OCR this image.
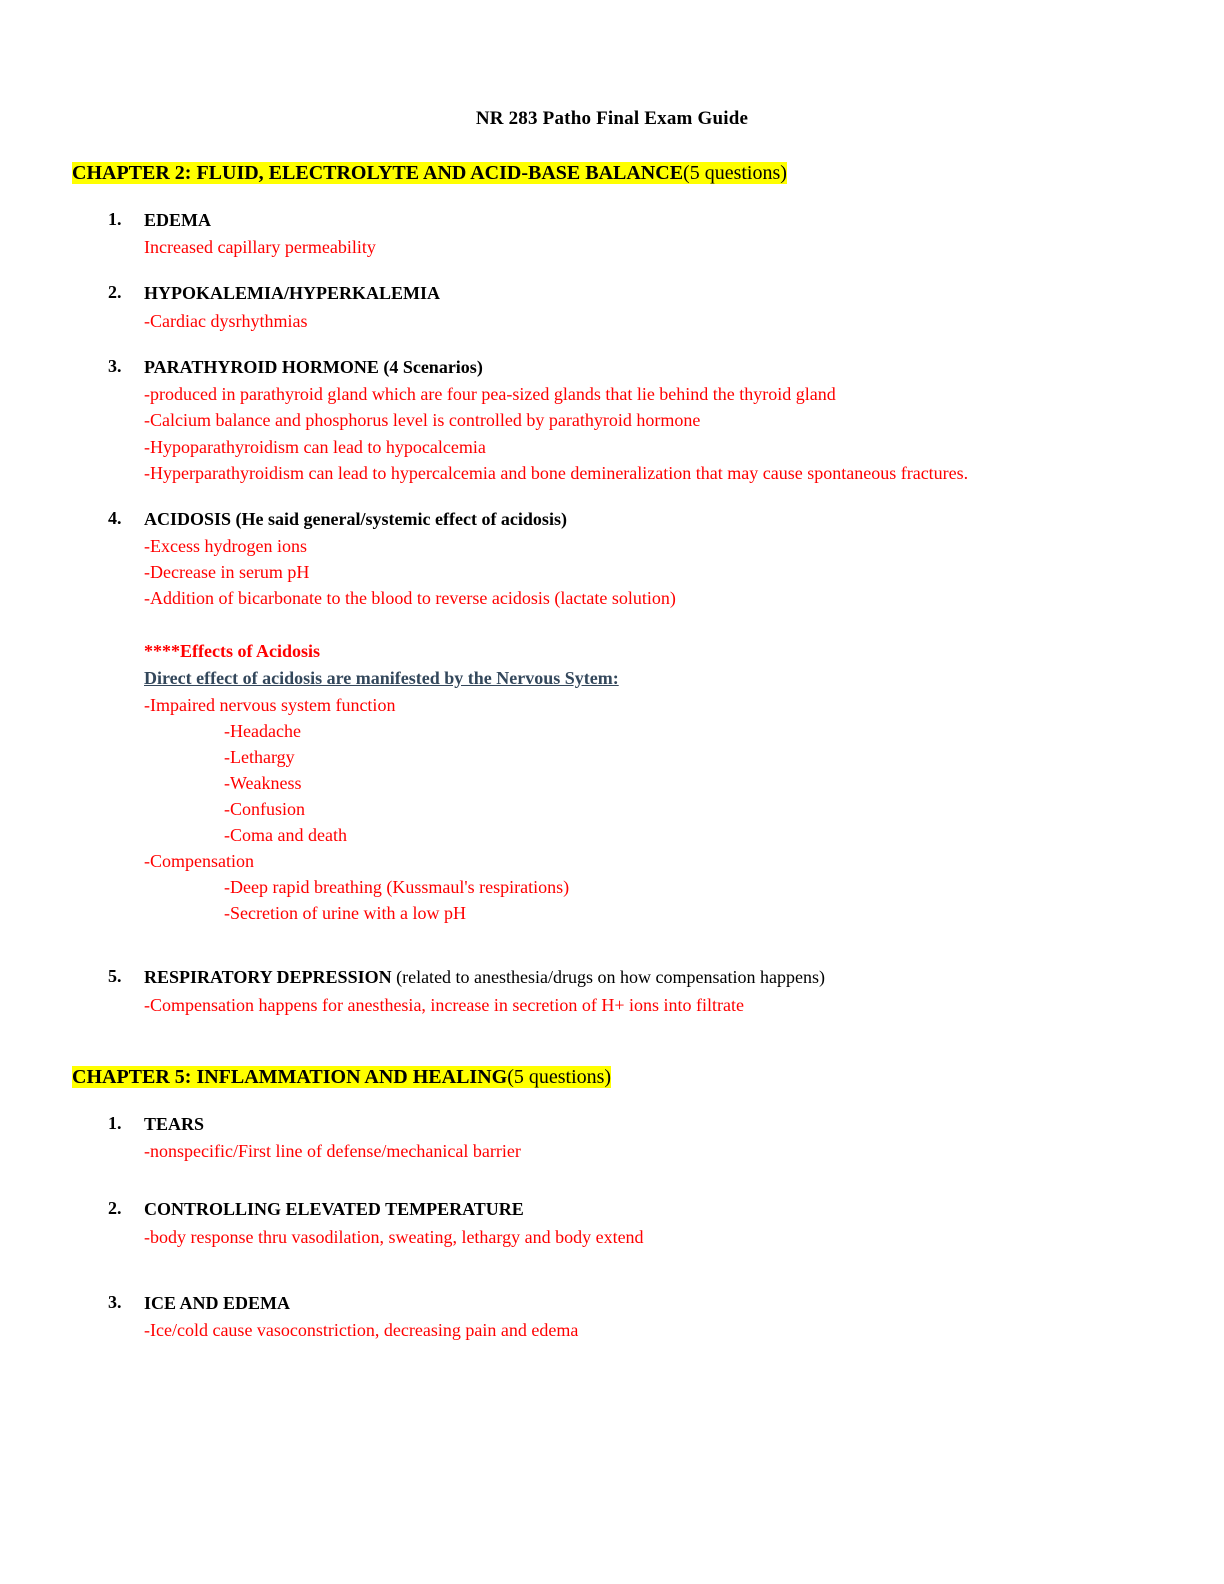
NR 283 Patho Final Exam Guide
CHAPTER 2: FLUID, ELECTROLYTE AND ACID-BASE BALANCE(5 questions)
1. EDEMA
Increased capillary permeability
2. HYPOKALEMIA/HYPERKALEMIA
-Cardiac dysrhythmias
3. PARATHYROID HORMONE (4 Scenarios)
-produced in parathyroid gland which are four pea-sized glands that lie behind the thyroid gland
-Calcium balance and phosphorus level is controlled by parathyroid hormone
-Hypoparathyroidism can lead to hypocalcemia
-Hyperparathyroidism can lead to hypercalcemia and bone demineralization that may cause spontaneous fractures.
4. ACIDOSIS (He said general/systemic effect of acidosis)
-Excess hydrogen ions
-Decrease in serum pH
-Addition of bicarbonate to the blood to reverse acidosis (lactate solution)
****Effects of Acidosis
Direct effect of acidosis are manifested by the Nervous Sytem:
-Impaired nervous system function
-Headache
-Lethargy
-Weakness
-Confusion
-Coma and death
-Compensation
-Deep rapid breathing (Kussmaul's respirations)
-Secretion of urine with a low pH
5. RESPIRATORY DEPRESSION (related to anesthesia/drugs on how compensation happens)
-Compensation happens for anesthesia, increase in secretion of H+ ions into filtrate
CHAPTER 5: INFLAMMATION AND HEALING(5 questions)
1. TEARS
-nonspecific/First line of defense/mechanical barrier
2. CONTROLLING ELEVATED TEMPERATURE
-body response thru vasodilation, sweating, lethargy and body extend
3. ICE AND EDEMA
-Ice/cold cause vasoconstriction, decreasing pain and edema
